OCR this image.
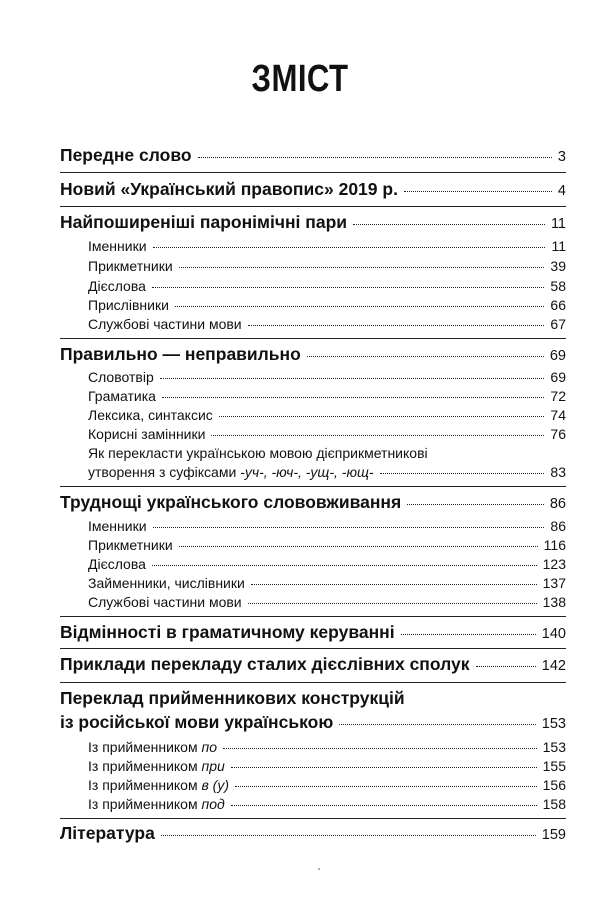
ЗМІСТ
Передне слово	3
Новий «Український правопис» 2019 р.	4
Найпоширеніші паронімічні пари	11
Іменники	11
Прикметники	39
Дієслова	58
Прислівники	66
Службові частини мови	67
Правильно — неправильно	69
Словотвір	69
Граматика	72
Лексика, синтаксис	74
Корисні замінники	76
Як перекласти українською мовою дієприкметникові
утворення з суфіксами -уч-, -юч-, -ущ-, -ющ-	83
Труднощі українського слововживання	86
Іменники	86
Прикметники	116
Дієслова	123
Займенники, числівники	137
Службові частини мови	138
Відмінності в граматичному керуванні	140
Приклади перекладу сталих дієслівних сполук	142
Переклад прийменникових конструкцій
із російської мови українською	153
Із прийменником по	153
Із прийменником при	155
Із прийменником в (у)	156
Із прийменником под	158
Література	159
